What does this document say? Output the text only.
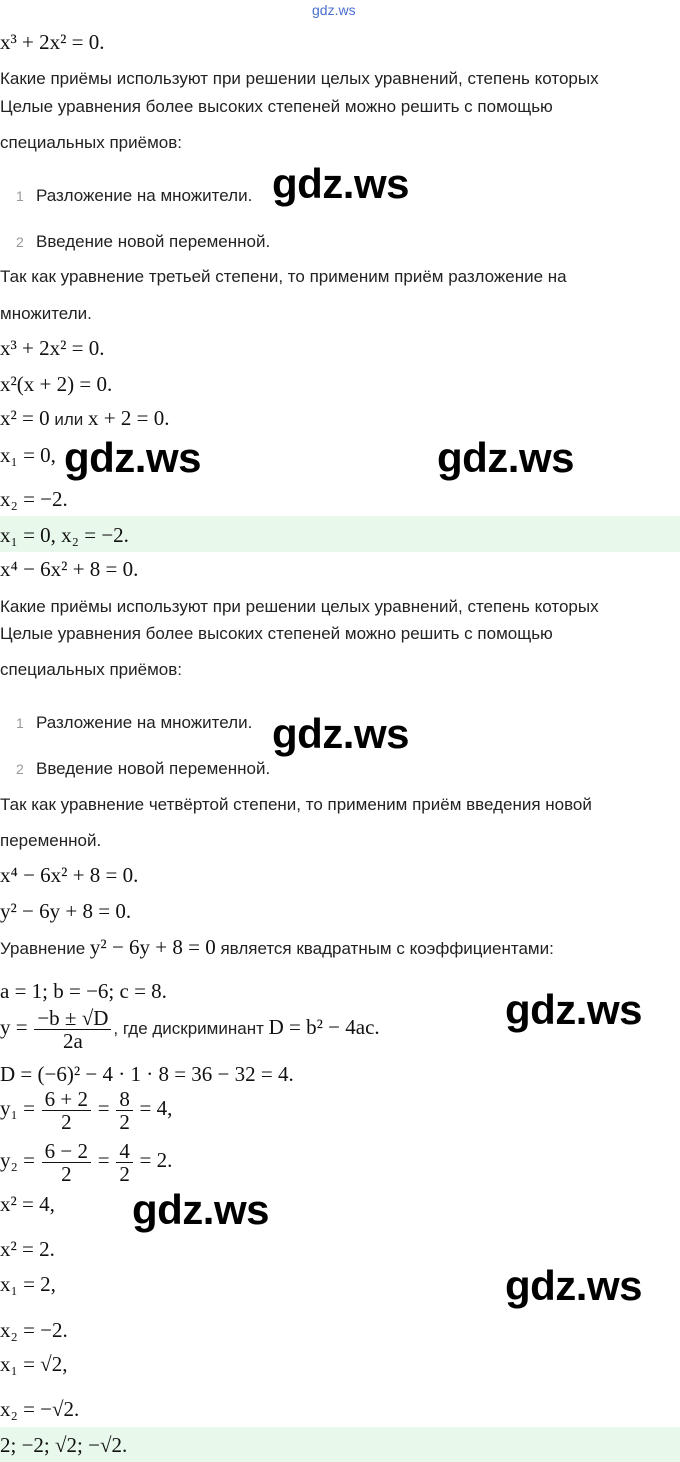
gdz.ws
x³ + 2x² = 0.
Какие приёмы используют при решении целых уравнений, степень которых
Целые уравнения более высоких степеней можно решить с помощью
специальных приёмов:
1 Разложение на множители.
2 Введение новой переменной.
Так как уравнение третьей степени, то применим приём разложение на
множители.
x³ + 2x² = 0.
x²(x + 2) = 0.
x² = 0 или x + 2 = 0.
x₁ = 0,
x₂ = −2.
x₁ = 0, x₂ = −2.
x⁴ − 6x² + 8 = 0.
Какие приёмы используют при решении целых уравнений, степень которых
Целые уравнения более высоких степеней можно решить с помощью
специальных приёмов:
1 Разложение на множители.
2 Введение новой переменной.
Так как уравнение четвёртой степени, то применим приём введения новой
переменной.
x⁴ − 6x² + 8 = 0.
y² − 6y + 8 = 0.
Уравнение y² − 6y + 8 = 0 является квадратным с коэффициентами:
a = 1; b = −6; c = 8.
$y = \frac{-b \pm √D}{2a}$ , где дискриминант D = b² − 4ac.
D = (−6)² − 4 · 1 · 8 = 36 − 32 = 4.
$y_1 = \frac{6 + 2}{2} = \frac{8}{2} = 4$,
$y_2 = \frac{6 - 2}{2} = \frac{4}{2} = 2$.
x² = 4,
x² = 2.
x₁ = 2,
x₂ = −2.
x₁ = √2,
x₂ = −√2.
2; −2; √2; −√2.
gdz.ws
gdz.ws	gdz.ws
gdz.ws
gdz.ws
gdz.ws
gdz.ws
